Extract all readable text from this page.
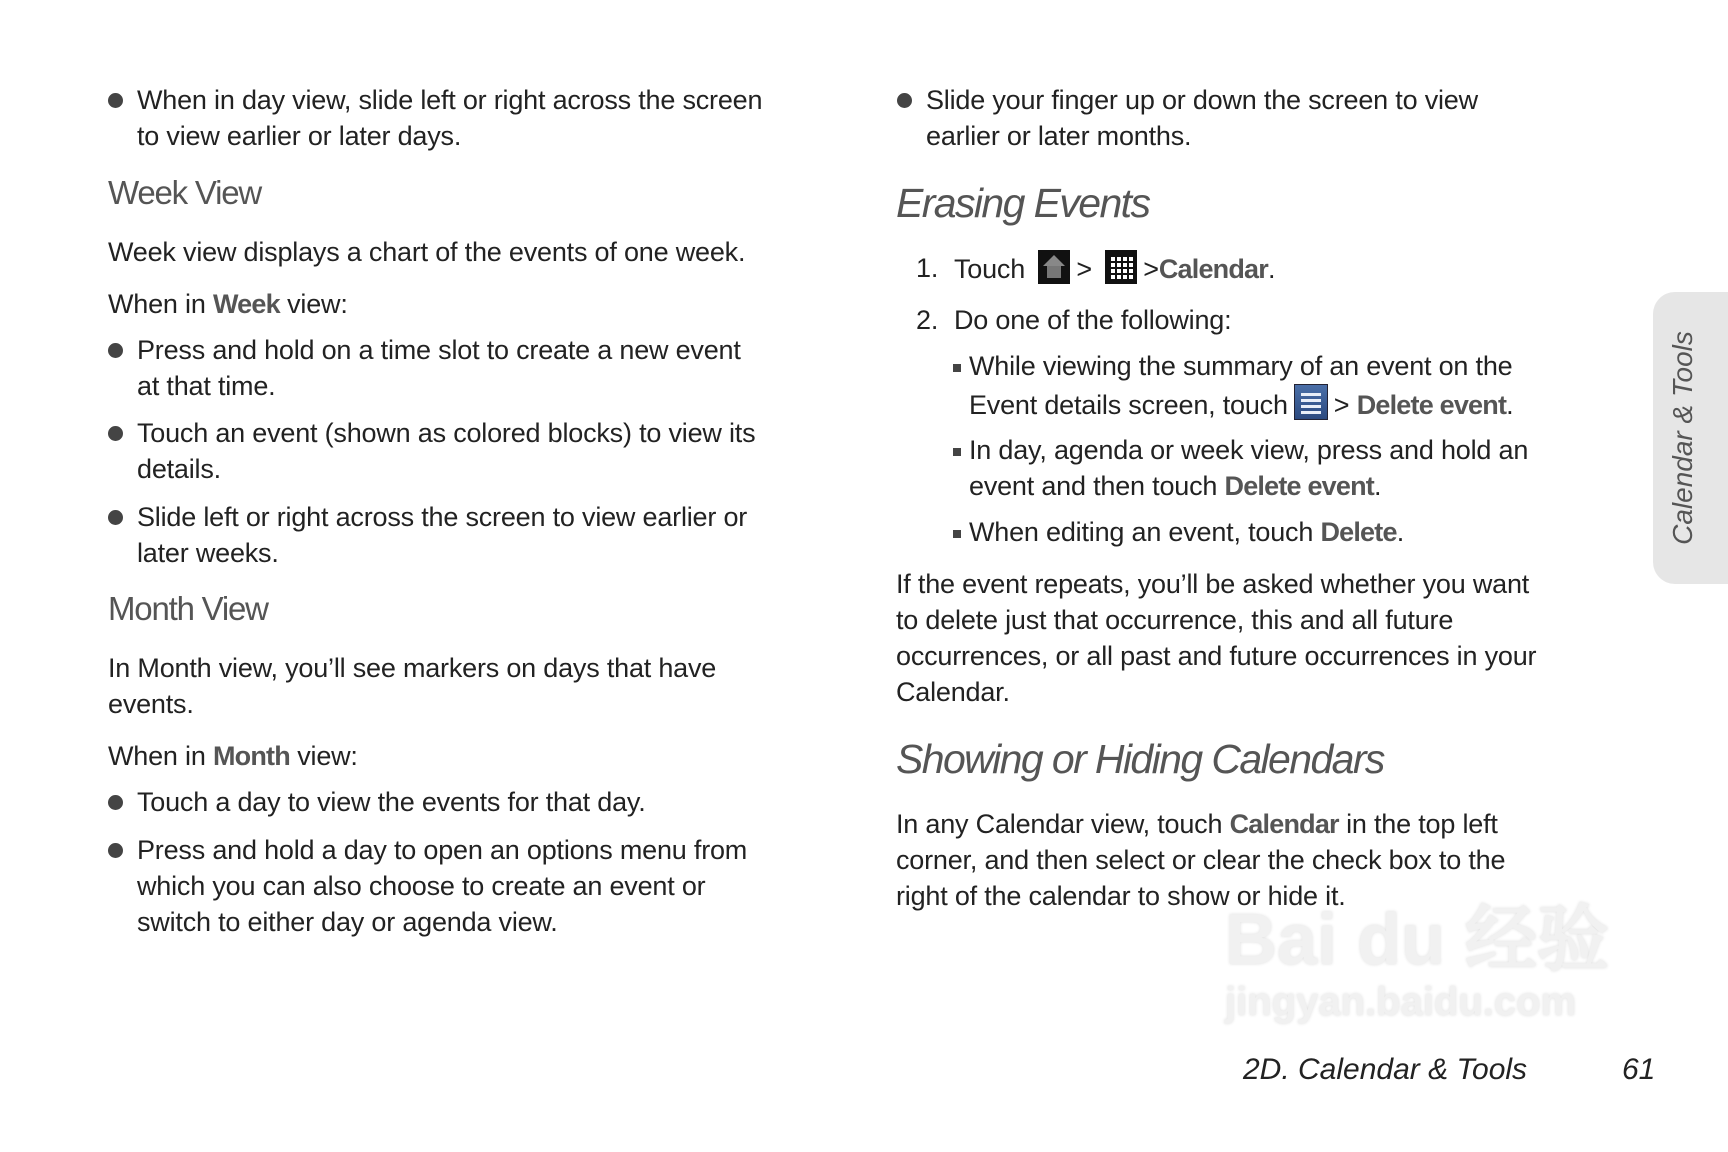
When in day view, slide left or right across the screen
to view earlier or later days.
Week View
Week view displays a chart of the events of one week.
When in Week view:
Press and hold on a time slot to create a new event
at that time.
Touch an event (shown as colored blocks) to view its
details.
Slide left or right across the screen to view earlier or
later weeks.
Month View
In Month view, you’ll see markers on days that have
events.
When in Month view:
Touch a day to view the events for that day.
Press and hold a day to open an options menu from
which you can also choose to create an event or
switch to either day or agenda view.
Slide your finger up or down the screen to view
earlier or later months.
Erasing Events
1. Touch > >Calendar.
2. Do one of the following:
While viewing the summary of an event on the
Event details screen, touch > Delete event.
In day, agenda or week view, press and hold an
event and then touch Delete event.
When editing an event, touch Delete.
If the event repeats, you’ll be asked whether you want
to delete just that occurrence, this and all future
occurrences, or all past and future occurrences in your
Calendar.
Showing or Hiding Calendars
In any Calendar view, touch Calendar in the top left
corner, and then select or clear the check box to the
right of the calendar to show or hide it.
Calendar & Tools
Bai du 经验
jingyan.baidu.com
2D. Calendar & Tools	61
